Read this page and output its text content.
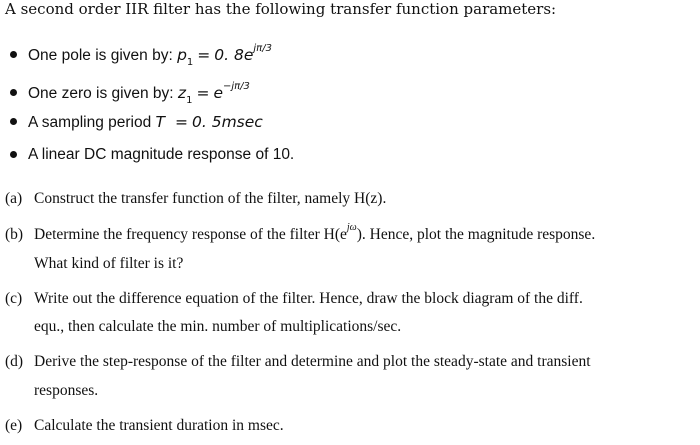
A second order IIR filter has the following transfer function parameters:
One pole is given by: $p_1 = 0$. $8e^{j\pi/3}$
One zero is given by: $z_1 = e^{-j\pi/3}$
A sampling period T = 0. 5msec
A linear DC magnitude response of 10.
(a) Construct the transfer function of the filter, namely H(z).
(b) Determine the frequency response of the filter $H(e^{j\omega})$. Hence, plot the magnitude response.
What kind of filter is it?
(c) Write out the difference equation of the filter. Hence, draw the block diagram of the diff.
equ., then calculate the min. number of multiplications/sec.
(d) Derive the step-response of the filter and determine and plot the steady-state and transient
responses.
(e) Calculate the transient duration in msec.
